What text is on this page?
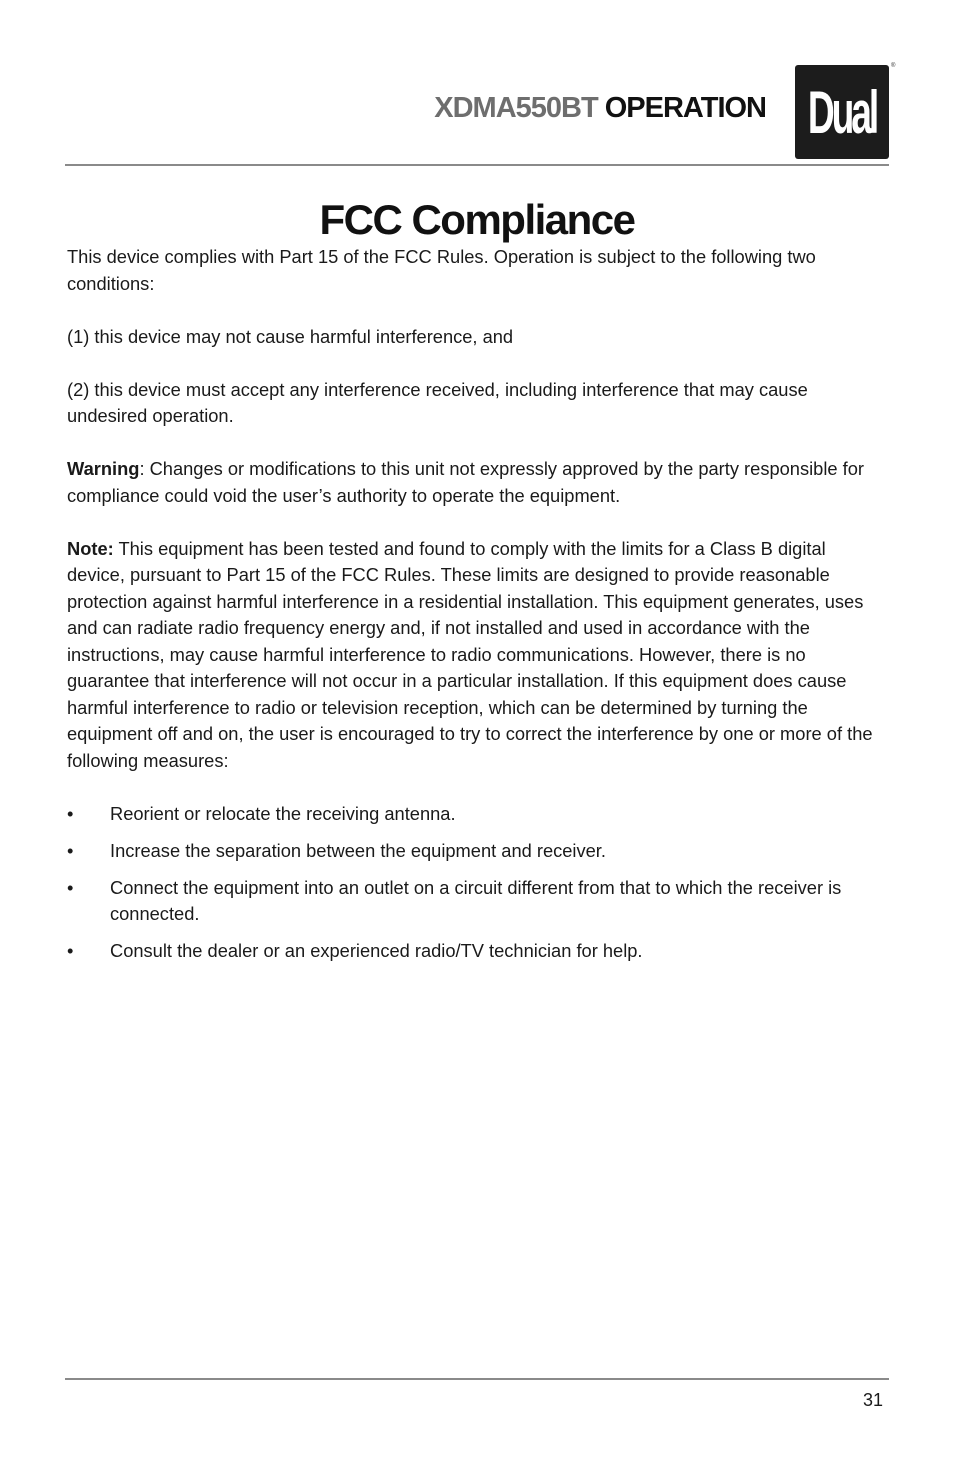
XDMA550BT OPERATION Dual
®
FCC Compliance

This device complies with Part 15 of the FCC Rules. Operation is subject to the following two conditions:

(1) this device may not cause harmful interference, and

(2) this device must accept any interference received, including interference that may cause undesired operation.

Warning: Changes or modifications to this unit not expressly approved by the party responsible for compliance could void the user’s authority to operate the equipment.

Note: This equipment has been tested and found to comply with the limits for a Class B digital device, pursuant to Part 15 of the FCC Rules. These limits are designed to provide reasonable protection against harmful interference in a residential installation. This equipment generates, uses and can radiate radio frequency energy and, if not installed and used in accordance with the instructions, may cause harmful interference to radio communications. However, there is no guarantee that interference will not occur in a particular installation. If this equipment does cause harmful interference to radio or television reception, which can be determined by turning the equipment off and on, the user is encouraged to try to correct the interference by one or more of the following measures:

• Reorient or relocate the receiving antenna.
• Increase the separation between the equipment and receiver.
• Connect the equipment into an outlet on a circuit different from that to which the receiver is connected.
• Consult the dealer or an experienced radio/TV technician for help.
31
